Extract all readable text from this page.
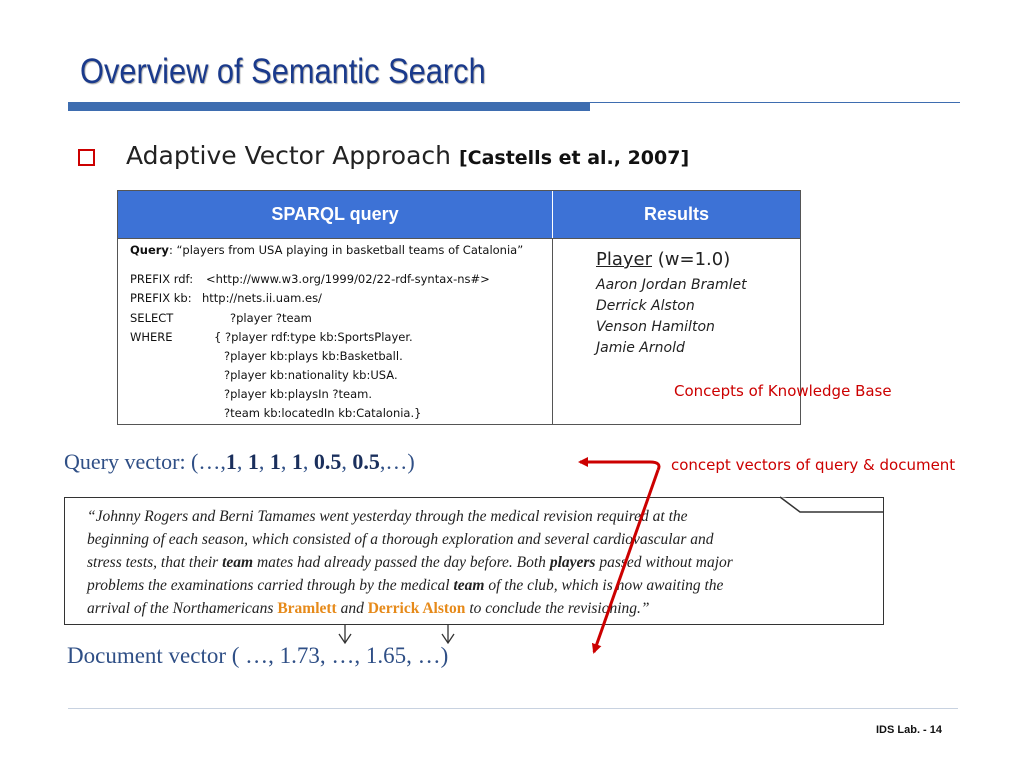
Overview of Semantic Search
Adaptive Vector Approach [Castells et al., 2007]
SPARQL query	Results
Query: “players from USA playing in basketball teams of Catalonia”
PREFIX rdf: <http://www.w3.org/1999/02/22-rdf-syntax-ns#>
PREFIX kb: http://nets.ii.uam.es/
SELECT	?player ?team
WHERE	{ ?player rdf:type kb:SportsPlayer.
?player kb:plays kb:Basketball.
?player kb:nationality kb:USA.
?player kb:playsIn ?team.
?team kb:locatedIn kb:Catalonia.}
Player (w=1.0)
Aaron Jordan Bramlet
Derrick Alston
Venson Hamilton
Jamie Arnold
Concepts of Knowledge Base
Query vector: (…,1, 1, 1, 1, 0.5, 0.5,…)	concept vectors of query & document
“Johnny Rogers and Berni Tamames went yesterday through the medical revision required at the
beginning of each season, which consisted of a thorough exploration and several cardiovascular and
stress tests, that their team mates had already passed the day before. Both players passed without major
problems the examinations carried through by the medical team of the club, which is now awaiting the
arrival of the Northamericans Bramlett and Derrick Alston to conclude the revisioning.”
Document vector ( …, 1.73, …, 1.65, …)
IDS Lab. - 14
